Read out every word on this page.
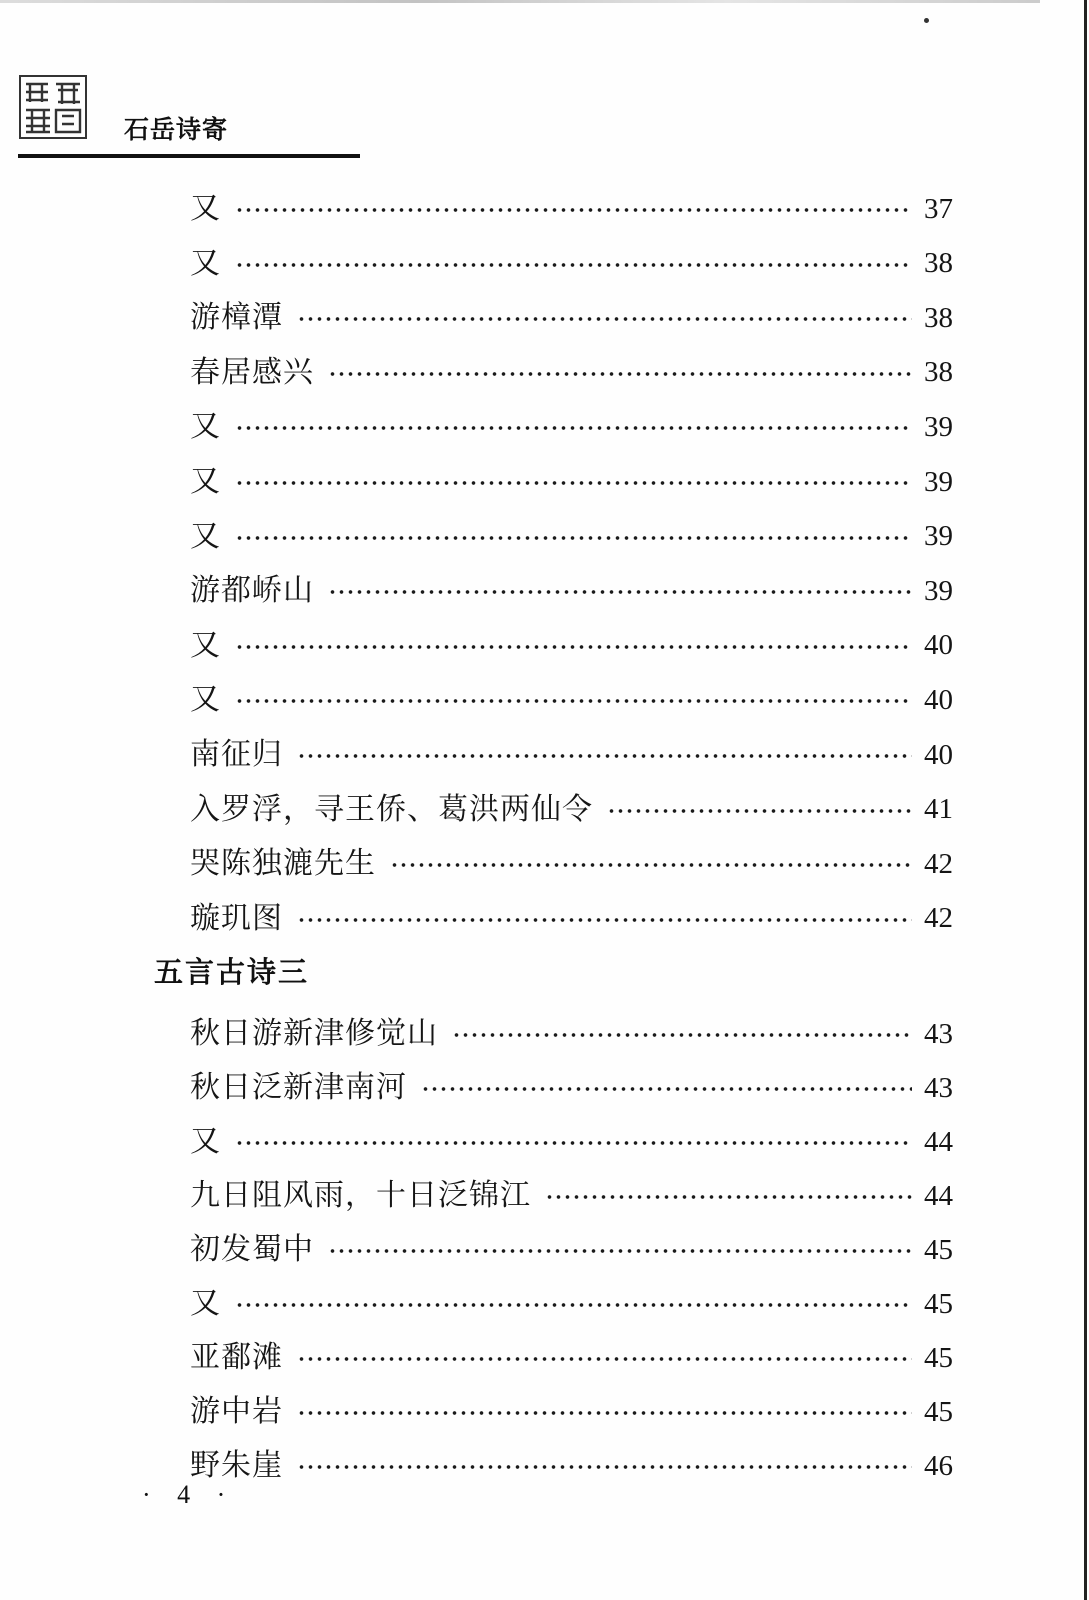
石岳诗寄
又	37
又	38
游樟潭	38
春居感兴	38
又	39
又	39
又	39
游都峤山	39
又	40
又	40
南征归	40
入罗浮，寻王侨、葛洪两仙令	41
哭陈独漉先生	42
璇玑图	42
秋日游新津修觉山	43
秋日泛新津南河	43
又	44
九日阻风雨，十日泛锦江	44
初发蜀中	45
又	45
亚鄱滩	45
游中岩	45
野朱崖	46
五言古诗三
· 4 ·
